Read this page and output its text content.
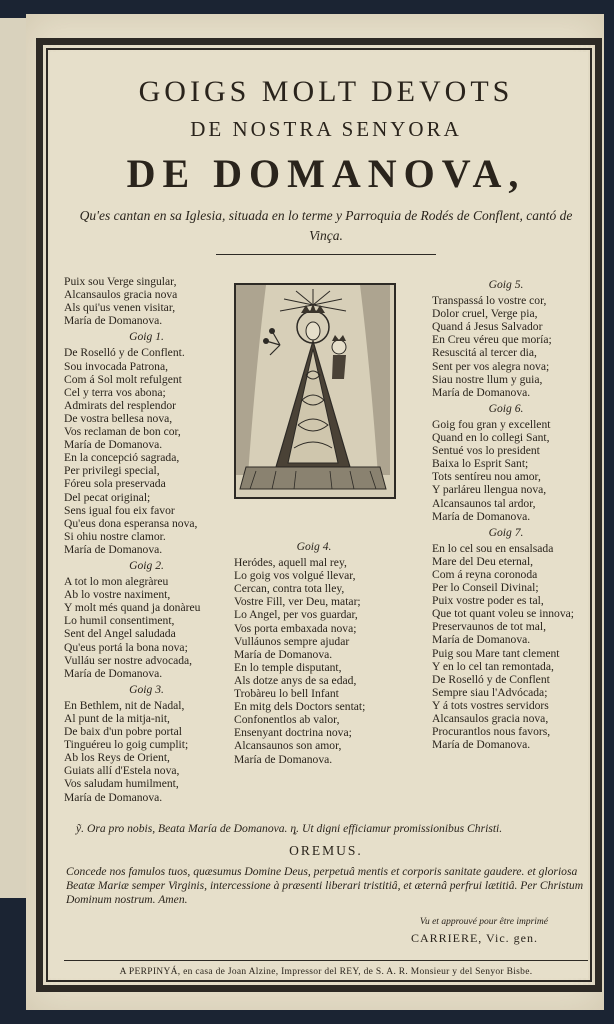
GOIGS MOLT DEVOTS
DE NOSTRA SENYORA
DE DOMANOVA,
Qu'es cantan en sa Iglesia, situada en lo terme y Parroquia de Rodés de Conflent, cantó de Vinça.
Puix sou Verge singular,
Alcansaulos gracia nova
Als qui'us venen visitar,
María de Domanova.
Goig 1.
De Roselló y de Conflent.
Sou invocada Patrona,
Com á Sol molt refulgent
Cel y terra vos abona;
Admirats del resplendor
De vostra bellesa nova,
Vos reclaman de bon cor,
María de Domanova.
En la concepció sagrada,
Per privilegi special,
Fóreu sola preservada
Del pecat original;
Sens igual fou eix favor
Qu'eus dona esperansa nova,
Si ohiu nostre clamor.
María de Domanova.
Goig 2.
A tot lo mon alegràreu
Ab lo vostre naximent,
Y molt més quand ja donàreu
Lo humil consentiment,
Sent del Angel saludada
Qu'eus portá la bona nova;
Vulláu ser nostre advocada,
María de Domanova.
Goig 3.
En Bethlem, nit de Nadal,
Al punt de la mitja-nit,
De baix d'un pobre portal
Tinguéreu lo goig cumplit;
Ab los Reys de Orient,
Guiats allí d'Estela nova,
Vos saludam humilment,
María de Domanova.
Goig 4.
Heródes, aquell mal rey,
Lo goig vos volgué llevar,
Cercan, contra tota lley,
Vostre Fill, ver Deu, matar;
Lo Angel, per vos guardar,
Vos porta embaxada nova;
Vulláunos sempre ajudar
María de Domanova.
En lo temple disputant,
Als dotze anys de sa edad,
Trobàreu lo bell Infant
En mitg dels Doctors sentat;
Confonentlos ab valor,
Ensenyant doctrina nova;
Alcansaunos son amor,
María de Domanova.
Goig 5.
Transpassá lo vostre cor,
Dolor cruel, Verge pia,
Quand á Jesus Salvador
En Creu véreu que moría;
Resuscitá al tercer dia,
Sent per vos alegra nova;
Siau nostre llum y guia,
María de Domanova.
Goig 6.
Goig fou gran y excellent
Quand en lo collegi Sant,
Sentué vos lo president
Baixa lo Esprit Sant;
Tots sentíreu nou amor,
Y parláreu llengua nova,
Alcansaunos tal ardor,
María de Domanova.
Goig 7.
En lo cel sou en ensalsada
Mare del Deu eternal,
Com á reyna coronoda
Per lo Conseil Divinal;
Puix vostre poder es tal,
Que tot quant voleu se innova;
Preservaunos de tot mal,
María de Domanova.
Puig sou Mare tant clement
Y en lo cel tan remontada,
De Roselló y de Conflent
Sempre siau l'Advócada;
Y á tots vostres servidors
Alcansaulos gracia nova,
Procurantlos nous favors,
María de Domanova.
ỹ. Ora pro nobis, Beata María de Domanova. ȵ. Ut digni efficiamur promissionibus Christi.
OREMUS.
Concede nos famulos tuos, quæsumus Domine Deus, perpetuâ mentis et corporis sanitate gaudere. et gloriosa Beatæ Mariæ semper Virginis, intercessione à præsenti liberari tristitiâ, et æternâ perfrui lætitiâ. Per Christum Dominum nostrum. Amen.
Vu et approuvé pour être imprimé
CARRIERE, Vic. gen.
A PERPINYÁ, en casa de Joan Alzine, Impressor del REY, de S. A. R. Monsieur y del Senyor Bisbe.
